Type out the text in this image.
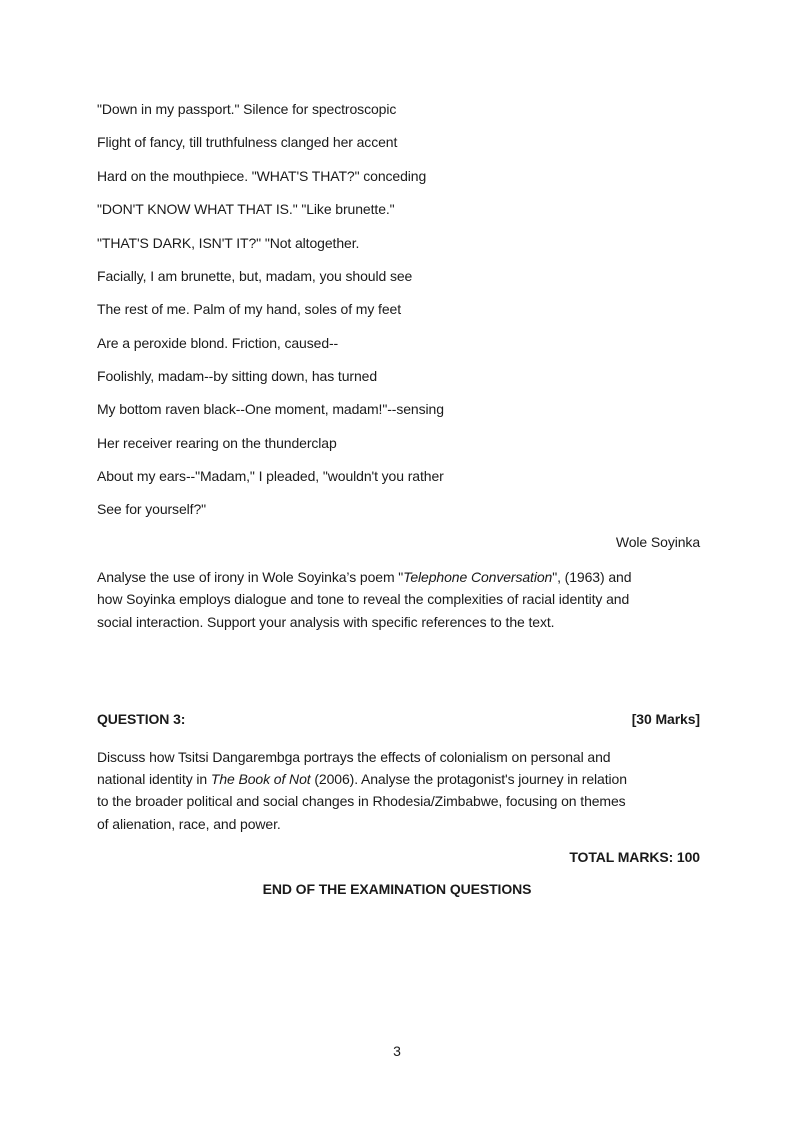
"Down in my passport." Silence for spectroscopic
Flight of fancy, till truthfulness clanged her accent
Hard on the mouthpiece. "WHAT'S THAT?" conceding
"DON'T KNOW WHAT THAT IS." "Like brunette."
"THAT'S DARK, ISN'T IT?" "Not altogether.
Facially, I am brunette, but, madam, you should see
The rest of me. Palm of my hand, soles of my feet
Are a peroxide blond. Friction, caused--
Foolishly, madam--by sitting down, has turned
My bottom raven black--One moment, madam!"--sensing
Her receiver rearing on the thunderclap
About my ears--"Madam," I pleaded, "wouldn't you rather
See for yourself?"
Wole Soyinka
Analyse the use of irony in Wole Soyinka’s poem "Telephone Conversation", (1963) and
how Soyinka employs dialogue and tone to reveal the complexities of racial identity and
social interaction. Support your analysis with specific references to the text.
QUESTION 3:	[30 Marks]
Discuss how Tsitsi Dangarembga portrays the effects of colonialism on personal and
national identity in The Book of Not (2006). Analyse the protagonist's journey in relation
to the broader political and social changes in Rhodesia/Zimbabwe, focusing on themes
of alienation, race, and power.
TOTAL MARKS: 100
END OF THE EXAMINATION QUESTIONS
3
